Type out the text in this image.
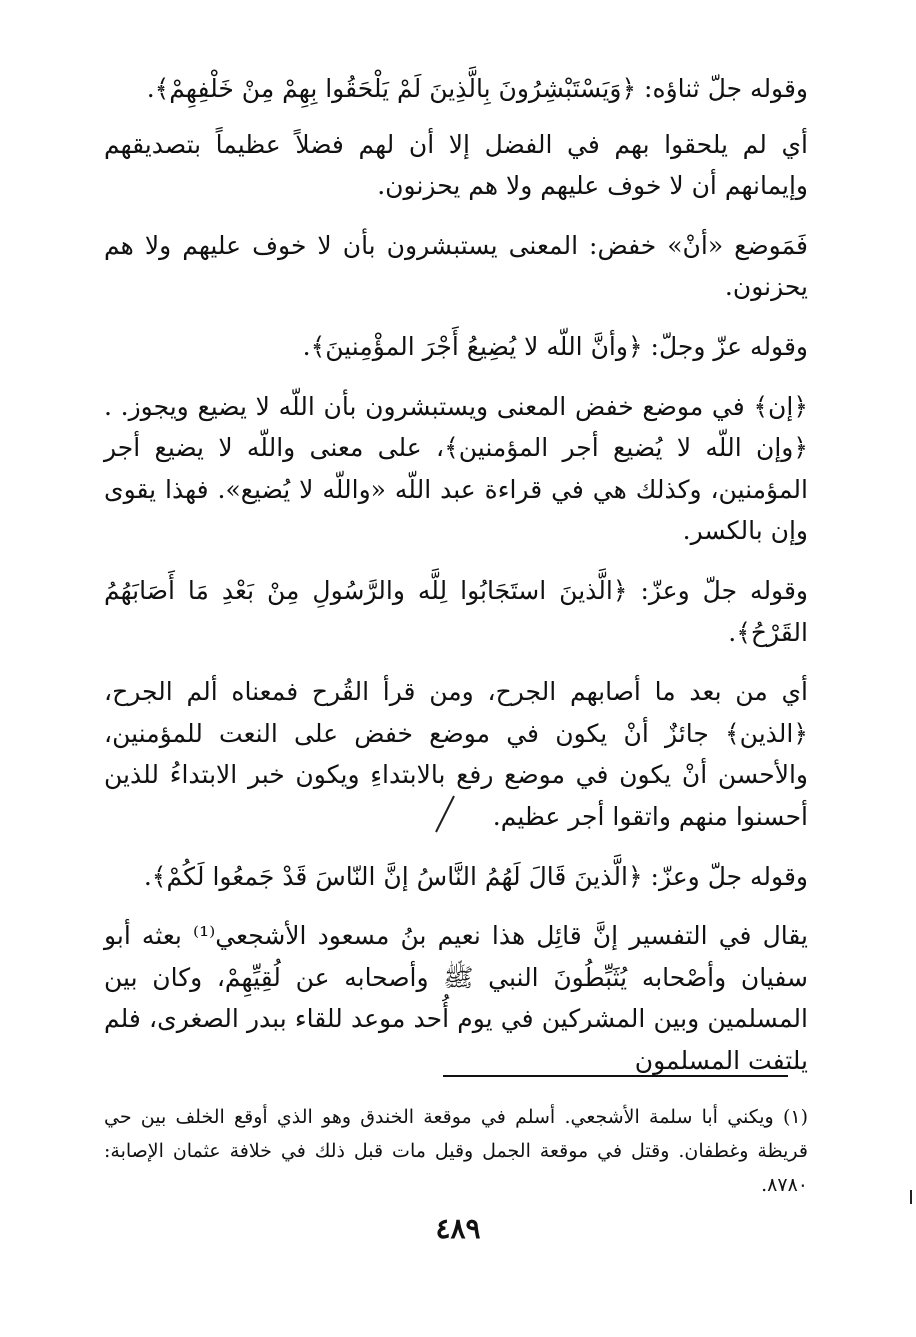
وقوله جلّ ثناؤه: ﴿وَيَسْتَبْشِرُونَ بِالَّذِينَ لَمْ يَلْحَقُوا بِهِمْ مِنْ خَلْفِهِمْ﴾.

أي لم يلحقوا بهم في الفضل إلا أن لهم فضلاً عظيماً بتصديقهم وإيمانهم أن لا خوف عليهم ولا هم يحزنون.

فَمَوضع «أنْ» خفض: المعنى يستبشرون بأن لا خوف عليهم ولا هم يحزنون.

وقوله عزّ وجلّ: ﴿وأنَّ اللّه لا يُضِيعُ أَجْرَ المؤْمِنينَ﴾.

﴿إن﴾ في موضع خفض المعنى ويستبشرون بأن اللّه لا يضيع ويجوز. . ﴿وإن اللّه لا يُضيع أجر المؤمنين﴾، على معنى واللّه لا يضيع أجر المؤمنين، وكذلك هي في قراءة عبد اللّه «واللّه لا يُضيع». فهذا يقوى وإن بالكسر.

وقوله جلّ وعزّ: ﴿الَّذينَ استَجَابُوا لِلَّه والرَّسُولِ مِنْ بَعْدِ مَا أَصَابَهُمُ القَرْحُ﴾.

أي من بعد ما أصابهم الجرح، ومن قرأ القُرح فمعناه ألم الجرح، ﴿الذين﴾ جائزٌ أنْ يكون في موضع خفض على النعت للمؤمنين، والأحسن أنْ يكون في موضع رفع بالابتداءِ ويكون خبر الابتداءُ للذين أحسنوا منهم واتقوا أجر عظيم.

وقوله جلّ وعزّ: ﴿الَّذينَ قَالَ لَهُمُ النَّاسُ إنَّ النّاسَ قَدْ جَمعُوا لَكُمْ﴾.

يقال في التفسير إنَّ قائِل هذا نعيم بنُ مسعود الأشجعي⁽¹⁾ بعثه أبو سفيان وأصْحابه يُثَبِّطُونَ النبي ﷺ وأصحابه عن لُقِيِّهِمْ، وكان بين المسلمين وبين المشركين في يوم أُحد موعد للقاء ببدر الصغرى، فلم يلتفت المسلمون

(١) ويكني أبا سلمة الأشجعي. أسلم في موقعة الخندق وهو الذي أوقع الخلف بين حي قريظة وغطفان. وقتل في موقعة الجمل وقيل مات قبل ذلك في خلافة عثمان الإصابة: ٨٧٨٠.

٤٨٩
